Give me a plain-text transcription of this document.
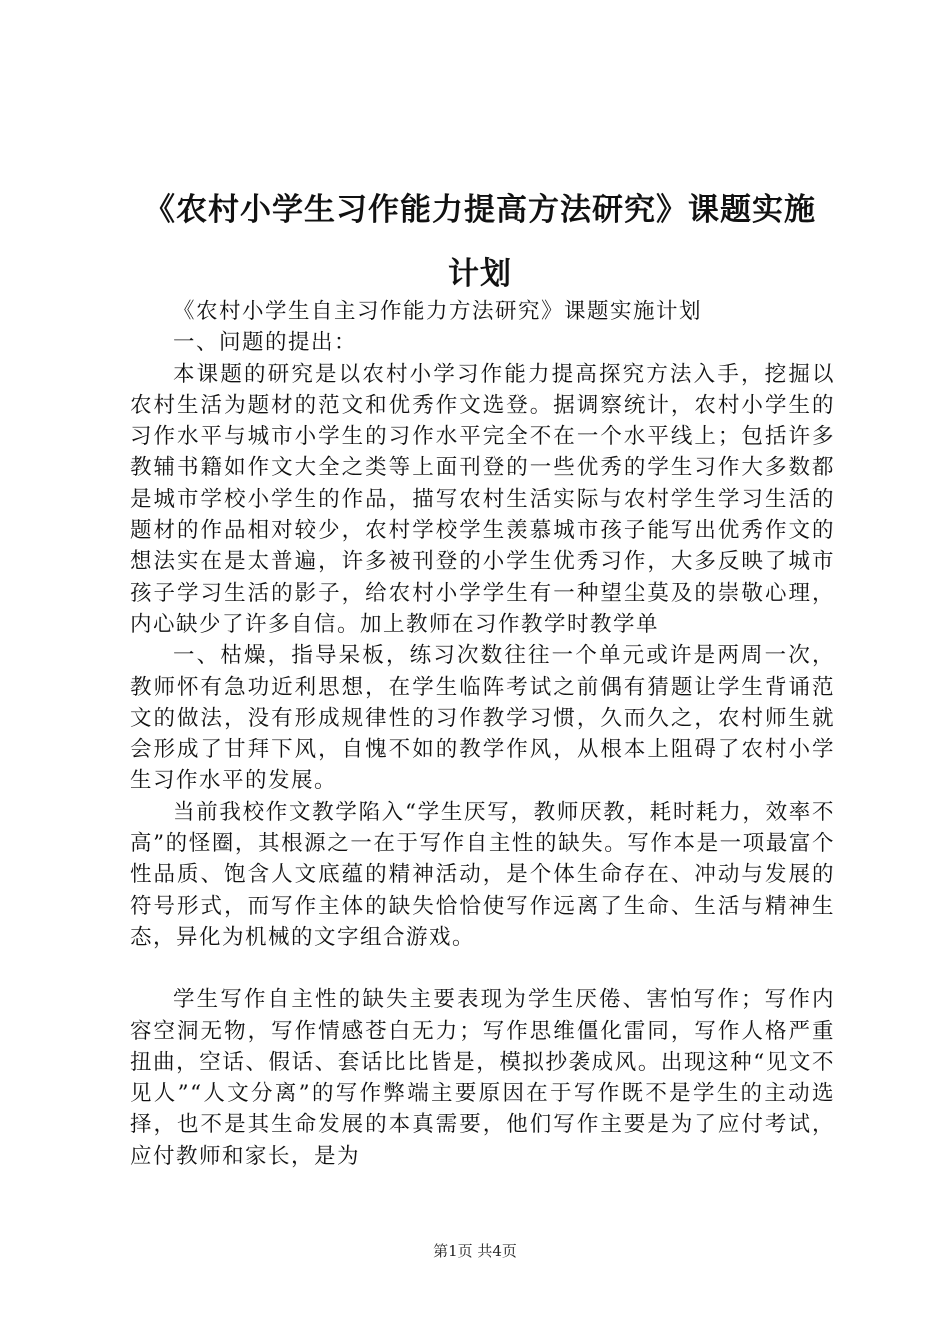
《农村小学生习作能力提高方法研究》课题实施计划

《农村小学生自主习作能力方法研究》课题实施计划

一、问题的提出：

本课题的研究是以农村小学习作能力提高探究方法入手，挖掘以农村生活为题材的范文和优秀作文选登。据调察统计，农村小学生的习作水平与城市小学生的习作水平完全不在一个水平线上；包括许多教辅书籍如作文大全之类等上面刊登的一些优秀的学生习作大多数都是城市学校小学生的作品，描写农村生活实际与农村学生学习生活的题材的作品相对较少，农村学校学生羡慕城市孩子能写出优秀作文的想法实在是太普遍，许多被刊登的小学生优秀习作，大多反映了城市孩子学习生活的影子，给农村小学学生有一种望尘莫及的崇敬心理，内心缺少了许多自信。加上教师在习作教学时教学单

一、枯燥，指导呆板，练习次数往往一个单元或许是两周一次，教师怀有急功近利思想，在学生临阵考试之前偶有猜题让学生背诵范文的做法，没有形成规律性的习作教学习惯，久而久之，农村师生就会形成了甘拜下风，自愧不如的教学作风，从根本上阻碍了农村小学生习作水平的发展。

当前我校作文教学陷入“学生厌写，教师厌教，耗时耗力，效率不高”的怪圈，其根源之一在于写作自主性的缺失。写作本是一项最富个性品质、饱含人文底蕴的精神活动，是个体生命存在、冲动与发展的符号形式，而写作主体的缺失恰恰使写作远离了生命、生活与精神生态，异化为机械的文字组合游戏。

学生写作自主性的缺失主要表现为学生厌倦、害怕写作；写作内容空洞无物，写作情感苍白无力；写作思维僵化雷同，写作人格严重扭曲，空话、假话、套话比比皆是，模拟抄袭成风。出现这种“见文不见人”“人文分离”的写作弊端主要原因在于写作既不是学生的主动选择，也不是其生命发展的本真需要，他们写作主要是为了应付考试，应付教师和家长，是为

第1页 共4页
